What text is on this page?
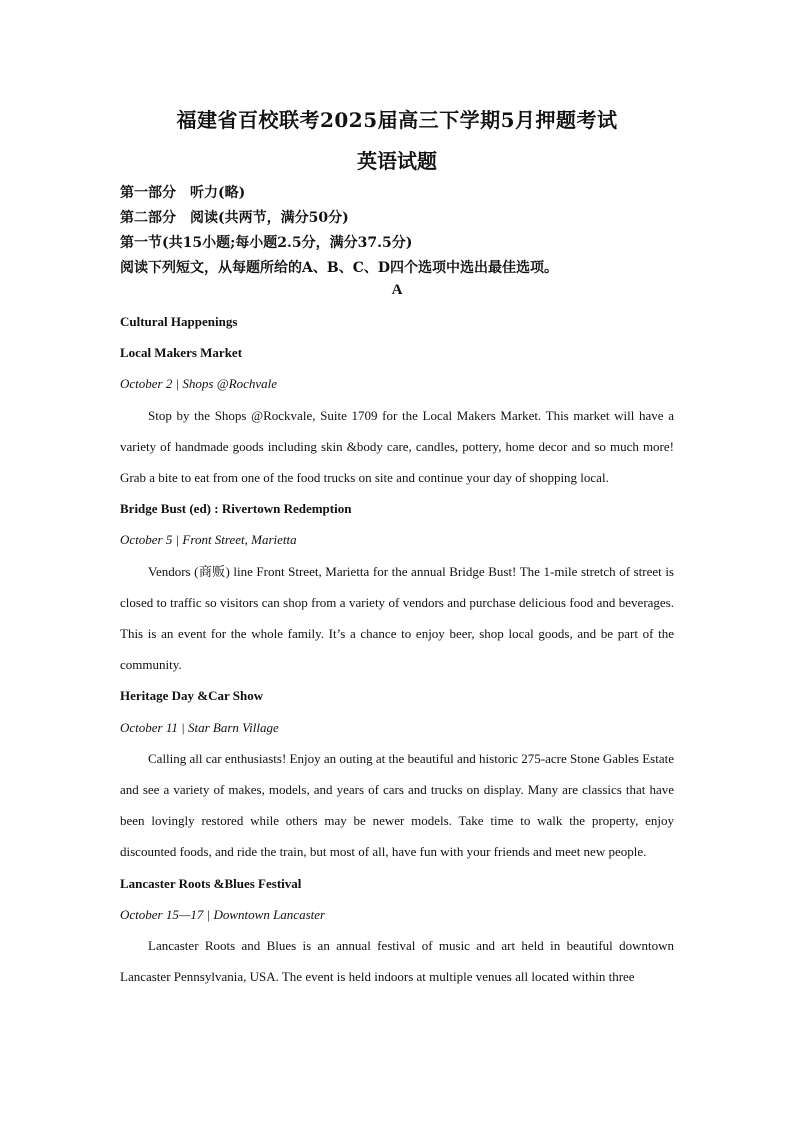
福建省百校联考2025届高三下学期5月押题考试
英语试题
第一部分　听力(略)
第二部分　阅读(共两节，满分50分)
第一节(共15小题;每小题2.5分，满分37.5分)
阅读下列短文，从每题所给的A、B、C、D四个选项中选出最佳选项。
A

Cultural Happenings

Local Makers Market

October 2 | Shops @Rochvale

Stop by the Shops @Rockvale, Suite 1709 for the Local Makers Market. This market will have a variety of handmade goods including skin &body care, candles, pottery, home decor and so much more! Grab a bite to eat from one of the food trucks on site and continue your day of shopping local.

Bridge Bust (ed) : Rivertown Redemption

October 5 | Front Street, Marietta

Vendors (商贩) line Front Street, Marietta for the annual Bridge Bust! The 1-mile stretch of street is closed to traffic so visitors can shop from a variety of vendors and purchase delicious food and beverages. This is an event for the whole family. It’s a chance to enjoy beer, shop local goods, and be part of the community.

Heritage Day &Car Show

October 11 | Star Barn Village

Calling all car enthusiasts! Enjoy an outing at the beautiful and historic 275-acre Stone Gables Estate and see a variety of makes, models, and years of cars and trucks on display. Many are classics that have been lovingly restored while others may be newer models. Take time to walk the property, enjoy discounted foods, and ride the train, but most of all, have fun with your friends and meet new people.

Lancaster Roots &Blues Festival

October 15—17 | Downtown Lancaster

Lancaster Roots and Blues is an annual festival of music and art held in beautiful downtown Lancaster Pennsylvania, USA. The event is held indoors at multiple venues all located within three
